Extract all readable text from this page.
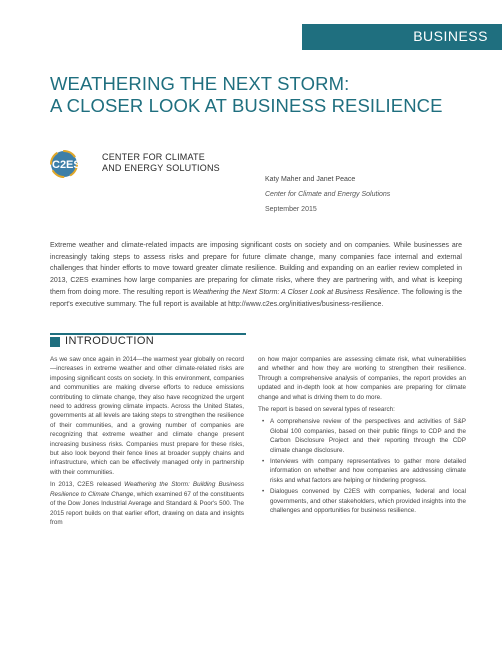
BUSINESS
WEATHERING THE NEXT STORM:
A CLOSER LOOK AT BUSINESS RESILIENCE
C2ES
CENTER FOR CLIMATE
AND ENERGY SOLUTIONS
Katy Maher and Janet Peace
Center for Climate and Energy Solutions
September 2015
Extreme weather and climate-related impacts are imposing significant costs on society and on companies. While businesses are increasingly taking steps to assess risks and prepare for future climate change, many companies face internal and external challenges that hinder efforts to move toward greater climate resilience. Building and expanding on an earlier review completed in 2013, C2ES examines how large companies are preparing for climate risks, where they are partnering with, and what is keeping them from doing more. The resulting report is Weathering the Next Storm: A Closer Look at Business Resilience. The following is the report's executive summary. The full report is available at http://www.c2es.org/initiatives/business-resilience.
INTRODUCTION

As we saw once again in 2014—the warmest year globally on record—increases in extreme weather and other climate-related risks are imposing significant costs on society. In this environment, companies and communities are making diverse efforts to reduce emissions contributing to climate change, they also have recognized the urgent need to address growing climate impacts. Across the United States, governments at all levels are taking steps to strengthen the resilience of their communities, and a growing number of companies are recognizing that extreme weather and climate change present increasing business risks. Companies must prepare for these risks, but also look beyond their fence lines at broader supply chains and infrastructure, which can be effectively managed only in partnership with their communities.

In 2013, C2ES released Weathering the Storm: Building Business Resilience to Climate Change, which examined 67 of the constituents of the Dow Jones Industrial Average and Standard & Poor's 500. The 2015 report builds on that earlier effort, drawing on data and insights from

on how major companies are assessing climate risk, what vulnerabilities and whether and how they are working to strengthen their resilience. Through a comprehensive analysis of companies, the report provides an updated and in-depth look at how companies are preparing for climate change and what is driving them to do more.

The report is based on several types of research:

• A comprehensive review of the perspectives and activities of S&P Global 100 companies, based on their public filings to CDP and the Carbon Disclosure Project and their reporting through the CDP climate change disclosure.
• Interviews with company representatives to gather more detailed information on whether and how companies are addressing climate risks and what factors are helping or hindering progress.
• Dialogues convened by C2ES with companies, federal and local governments, and other stakeholders, which provided insights into the challenges and opportunities for business resilience.
